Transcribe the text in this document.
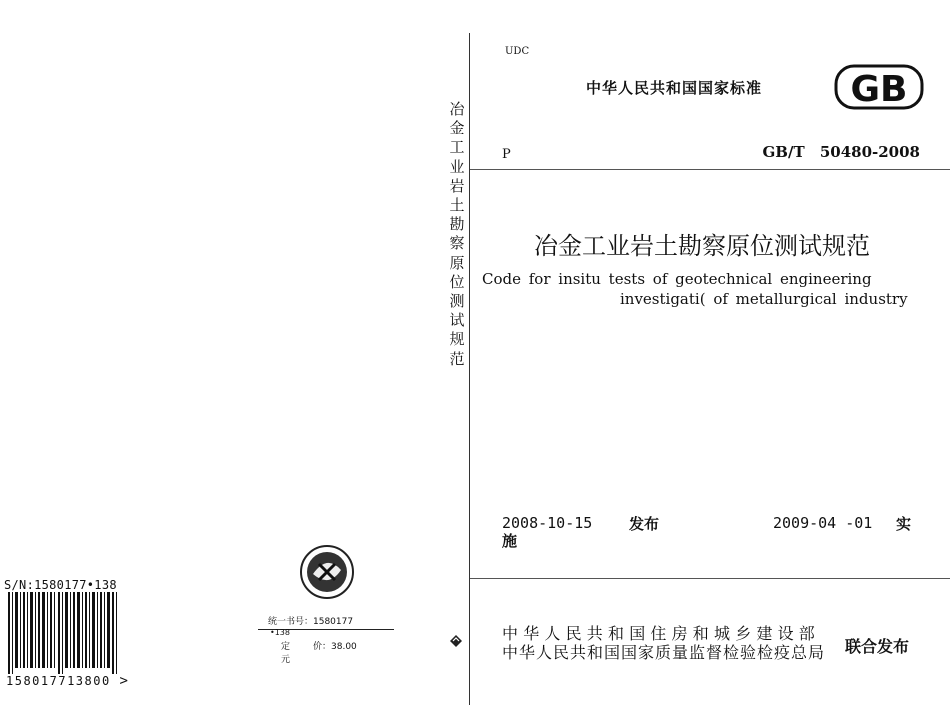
统一书号：1580177
•138
定	价：38.00
元
S/N:1580177•138
158017713800 >
冶金工业岩土勘察原位测试规范
UDC
中华人民共和国国家标准 GB
P	GB/T 50480-2008
冶金工业岩土勘察原位测试规范
Code for insitu tests of geotechnical engineering
investigati( of metallurgical industry
2008-10-15 发布	2009-04 -01 实
施
中华人民共和国住房和城乡建设部
中华人民共和国国家质量监督检验检疫总局 联合发布
